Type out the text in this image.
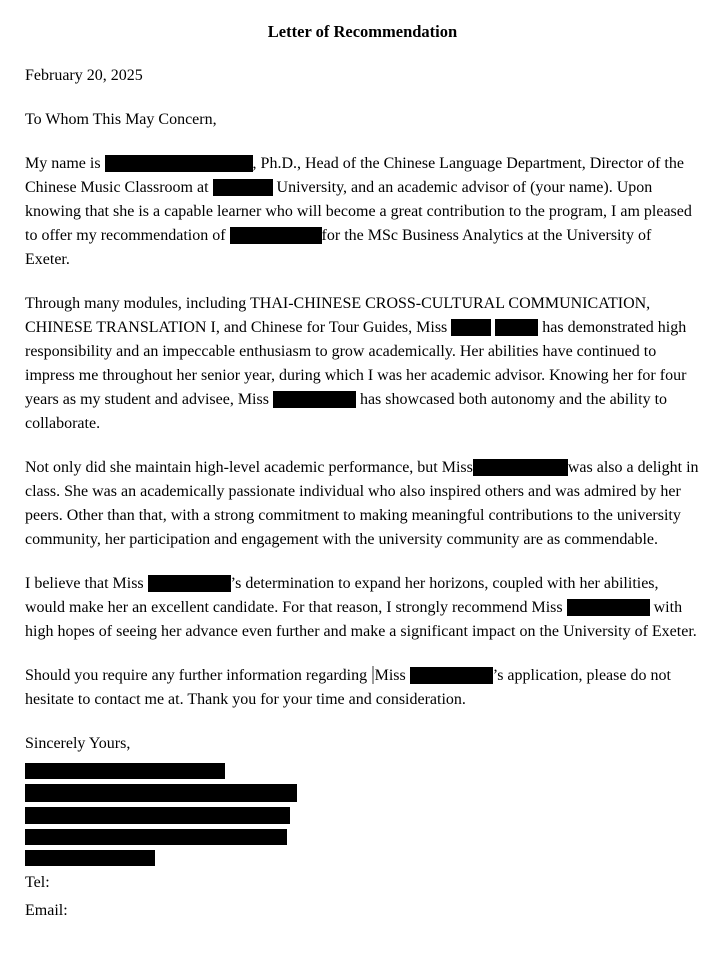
Letter of Recommendation

February 20, 2025

To Whom This May Concern,

My name is	, Ph.D., Head of the Chinese Language Department, Director of the Chinese Music Classroom at	University, and an academic advisor of (your name). Upon knowing that she is a capable learner who will become a great contribution to the program, I am pleased to offer my recommendation of	for the MSc Business Analytics at the University of Exeter.

Through many modules, including THAI-CHINESE CROSS-CULTURAL COMMUNICATION, CHINESE TRANSLATION I, and Chinese for Tour Guides, Miss	has demonstrated high responsibility and an impeccable enthusiasm to grow academically. Her abilities have continued to impress me throughout her senior year, during which I was her academic advisor. Knowing her for four years as my student and advisee, Miss	has showcased both autonomy and the ability to collaborate.

Not only did she maintain high-level academic performance, but Miss	was also a delight in class. She was an academically passionate individual who also inspired others and was admired by her peers. Other than that, with a strong commitment to making meaningful contributions to the university community, her participation and engagement with the university community are as commendable.

I believe that Miss	’s determination to expand her horizons, coupled with her abilities, would make her an excellent candidate. For that reason, I strongly recommend Miss	with high hopes of seeing her advance even further and make a significant impact on the University of Exeter.

Should you require any further information regarding Miss	’s application, please do not hesitate to contact me at. Thank you for your time and consideration.

Sincerely Yours,

Tel:

Email:
